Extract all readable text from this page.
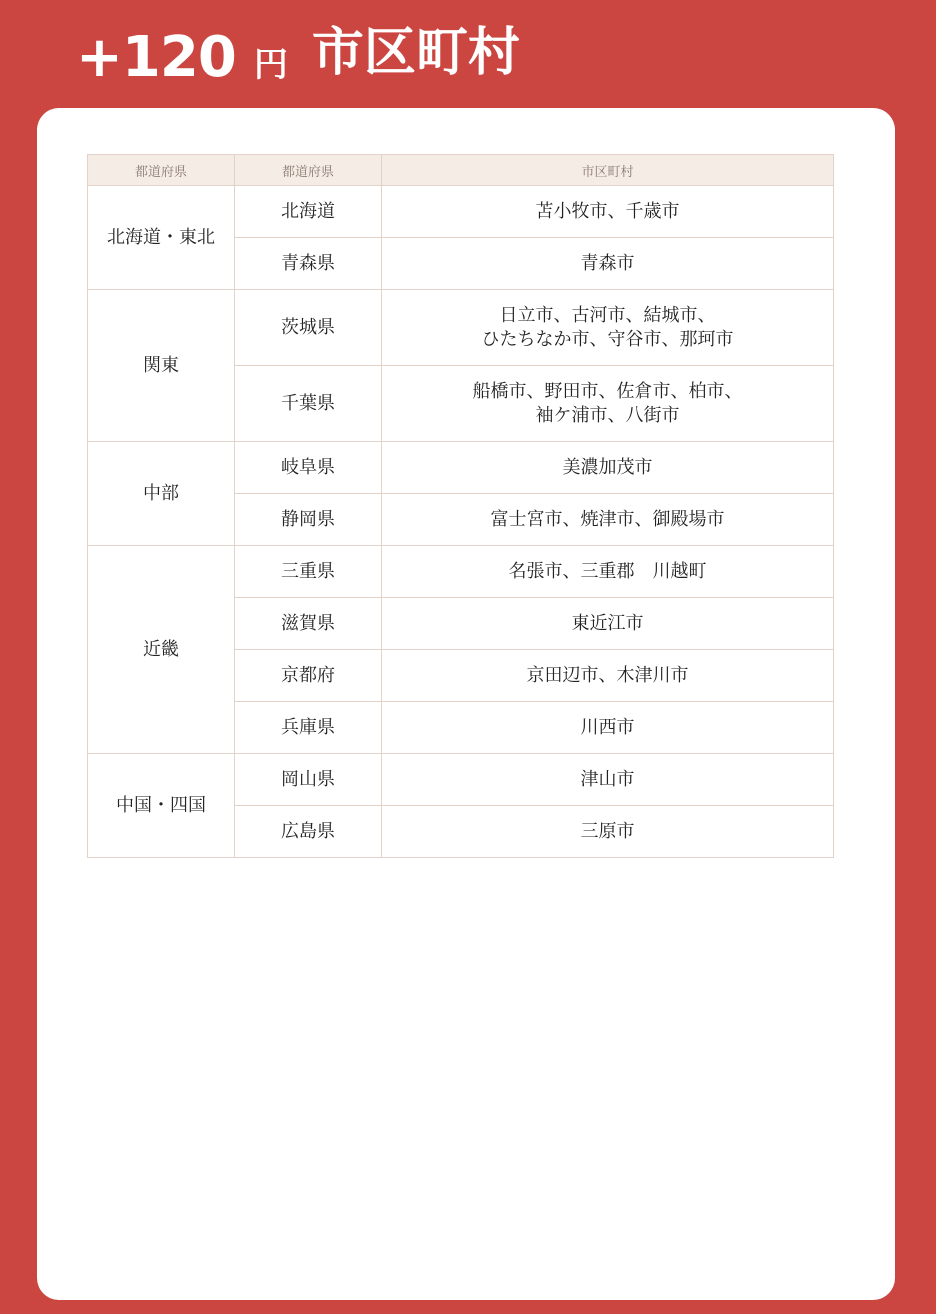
+120 円 市区町村
都道府県	都道府県	市区町村
北海道・東北	北海道	苫小牧市、千歳市

	青森県	青森市

関東	茨城県	日立市、古河市、結城市、
ひたちなか市、守谷市、那珂市

	千葉県	船橋市、野田市、佐倉市、柏市、
袖ケ浦市、八街市

中部	岐阜県	美濃加茂市

	静岡県	富士宮市、焼津市、御殿場市

近畿	三重県	名張市、三重郡　川越町

	滋賀県	東近江市

	京都府	京田辺市、木津川市

	兵庫県	川西市

中国・四国	岡山県	津山市

	広島県	三原市
